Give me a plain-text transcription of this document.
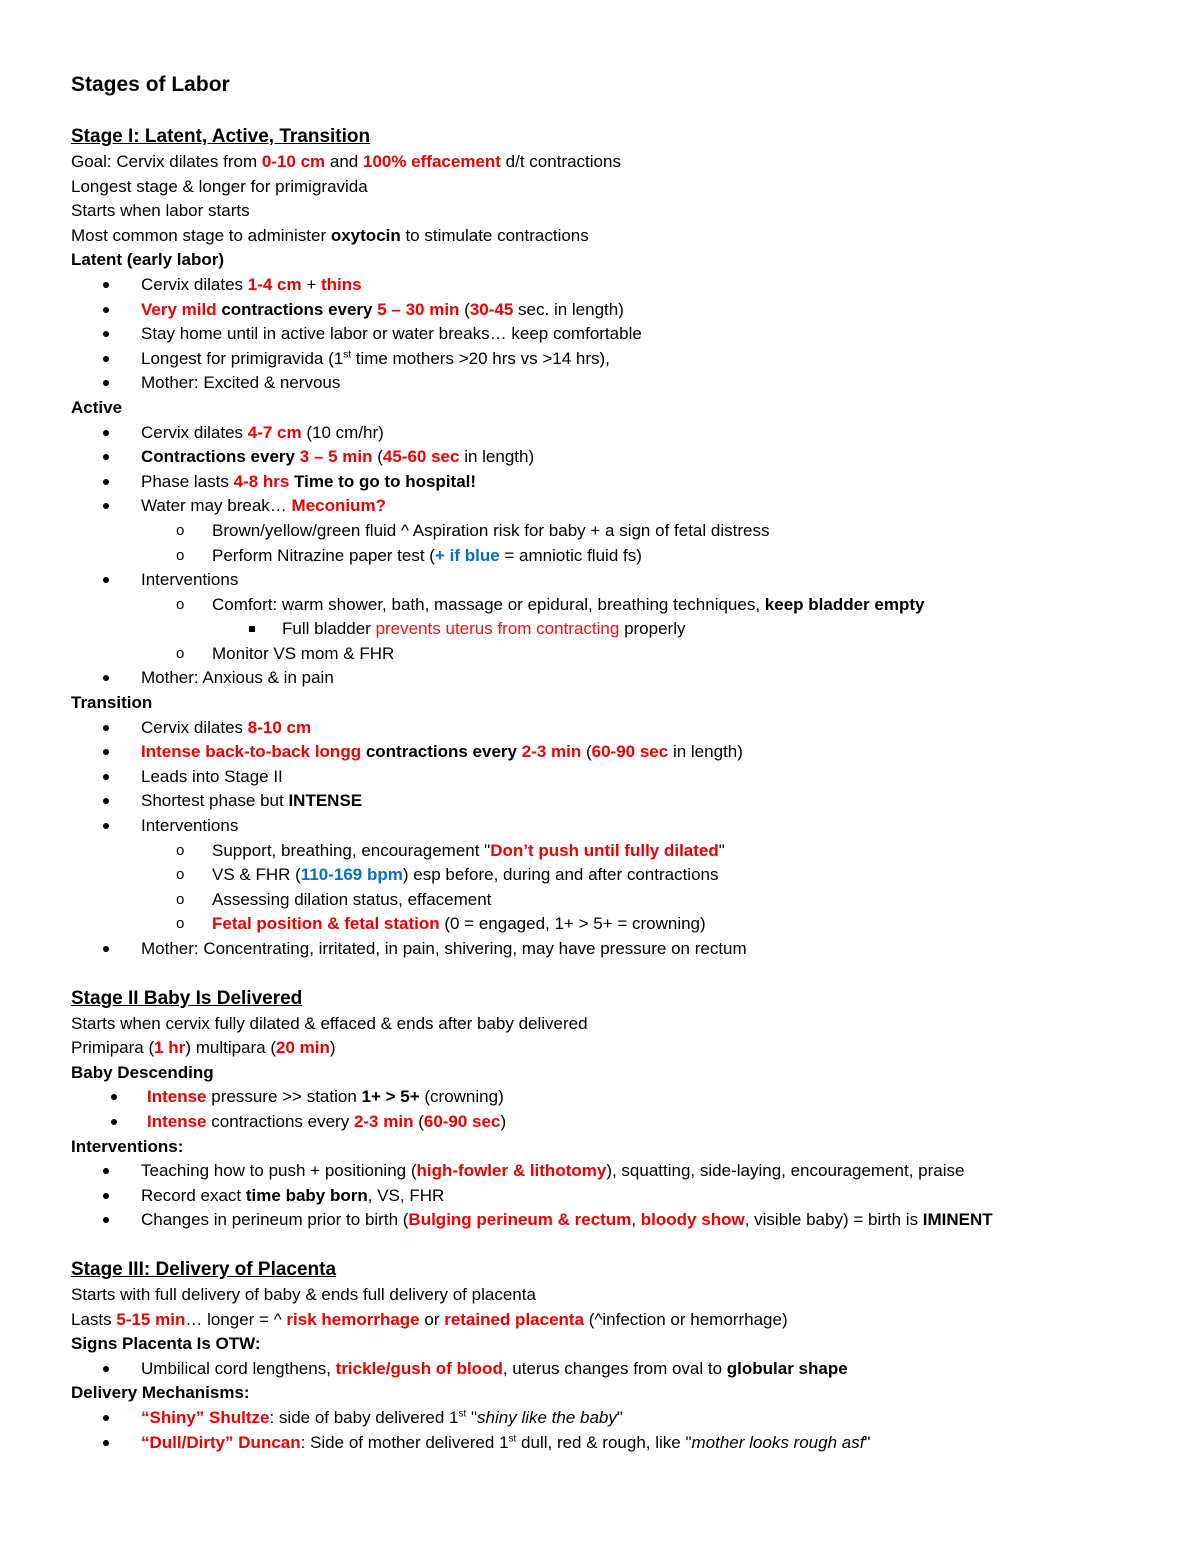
Stages of Labor
Stage I: Latent, Active, Transition
Goal: Cervix dilates from 0-10 cm and 100% effacement d/t contractions
Longest stage & longer for primigravida
Starts when labor starts
Most common stage to administer oxytocin to stimulate contractions
Latent (early labor)
Cervix dilates 1-4 cm + thins
Very mild contractions every 5 – 30 min (30-45 sec. in length)
Stay home until in active labor or water breaks… keep comfortable
Longest for primigravida (1st time mothers >20 hrs vs >14 hrs),
Mother: Excited & nervous
Active
Cervix dilates 4-7 cm (10 cm/hr)
Contractions every 3 – 5 min (45-60 sec in length)
Phase lasts 4-8 hrs Time to go to hospital!
Water may break… Meconium?
o Brown/yellow/green fluid ^ Aspiration risk for baby + a sign of fetal distress
o Perform Nitrazine paper test (+ if blue = amniotic fluid fs)
Interventions
o Comfort: warm shower, bath, massage or epidural, breathing techniques, keep bladder empty
Full bladder prevents uterus from contracting properly
o Monitor VS mom & FHR
Mother: Anxious & in pain
Transition
Cervix dilates 8-10 cm
Intense back-to-back longg contractions every 2-3 min (60-90 sec in length)
Leads into Stage II
Shortest phase but INTENSE
Interventions
o Support, breathing, encouragement "Don’t push until fully dilated"
o VS & FHR (110-169 bpm) esp before, during and after contractions
o Assessing dilation status, effacement
o Fetal position & fetal station (0 = engaged, 1+ > 5+ = crowning)
Mother: Concentrating, irritated, in pain, shivering, may have pressure on rectum
Stage II Baby Is Delivered
Starts when cervix fully dilated & effaced & ends after baby delivered
Primipara (1 hr) multipara (20 min)
Baby Descending
Intense pressure >> station 1+ > 5+ (crowning)
Intense contractions every 2-3 min (60-90 sec)
Interventions:
Teaching how to push + positioning (high-fowler & lithotomy), squatting, side-laying, encouragement, praise
Record exact time baby born, VS, FHR
Changes in perineum prior to birth (Bulging perineum & rectum, bloody show, visible baby) = birth is IMINENT
Stage III: Delivery of Placenta
Starts with full delivery of baby & ends full delivery of placenta
Lasts 5-15 min… longer = ^ risk hemorrhage or retained placenta (^infection or hemorrhage)
Signs Placenta Is OTW:
Umbilical cord lengthens, trickle/gush of blood, uterus changes from oval to globular shape
Delivery Mechanisms:
“Shiny” Shultze: side of baby delivered 1st "shiny like the baby"
“Dull/Dirty” Duncan: Side of mother delivered 1st dull, red & rough, like "mother looks rough asf"
